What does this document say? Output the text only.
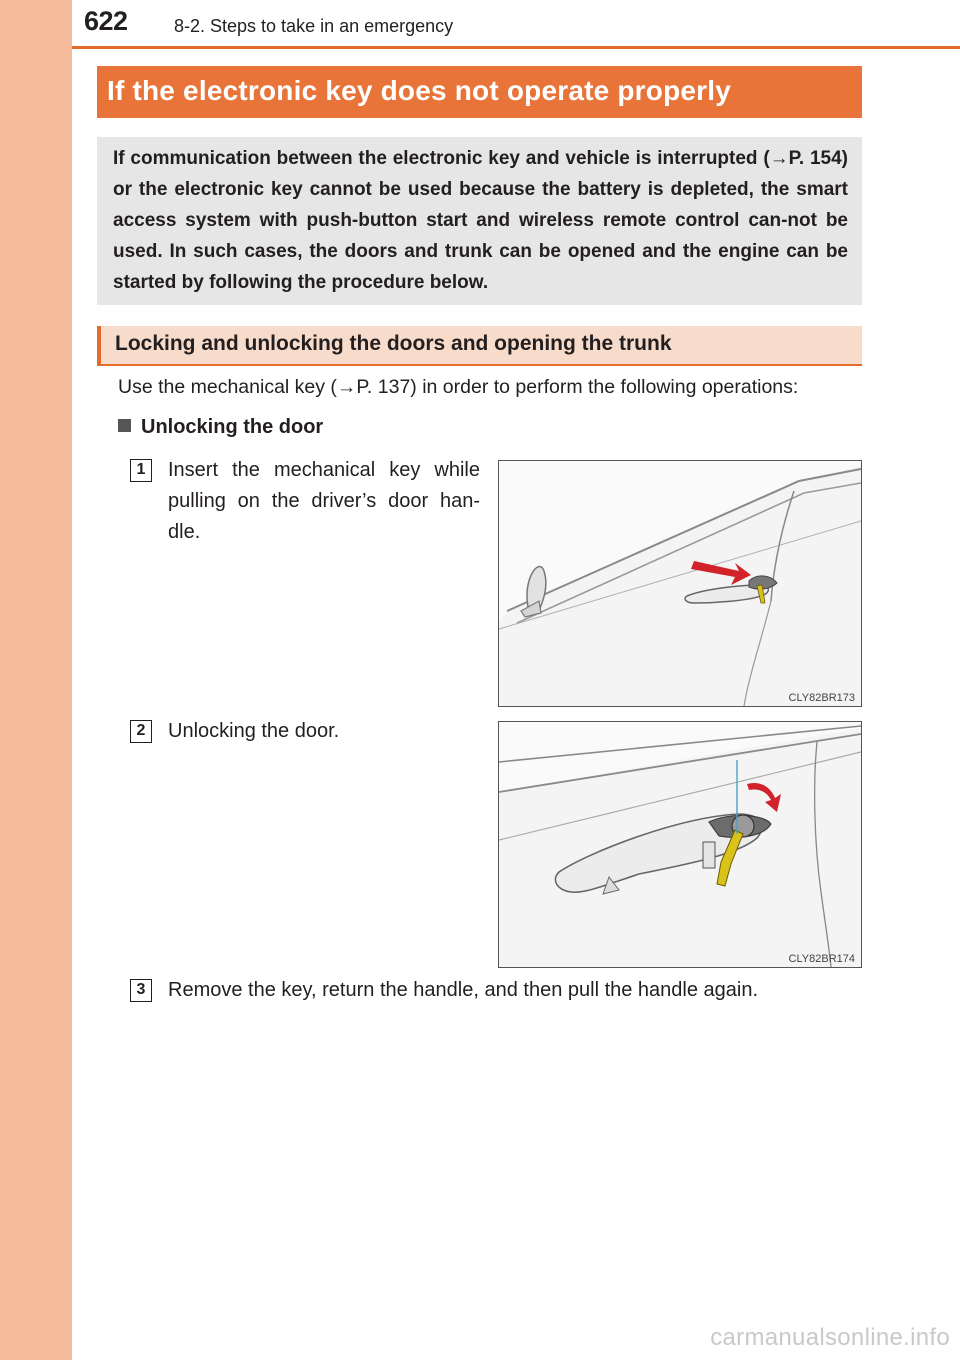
622	8-2. Steps to take in an emergency
If the electronic key does not operate properly
If communication between the electronic key and vehicle is interrupted (→P. 154) or the electronic key cannot be used because the battery is depleted, the smart access system with push-button start and wireless remote control can-not be used. In such cases, the doors and trunk can be opened and the engine can be started by following the procedure below.
Locking and unlocking the doors and opening the trunk
Use the mechanical key (→P. 137) in order to perform the following operations:
Unlocking the door
1	Insert the mechanical key while pulling on the driver’s door han-dle.
CLY82BR173
2	Unlocking the door.
CLY82BR174
3	Remove the key, return the handle, and then pull the handle again.
carmanualsonline.info
